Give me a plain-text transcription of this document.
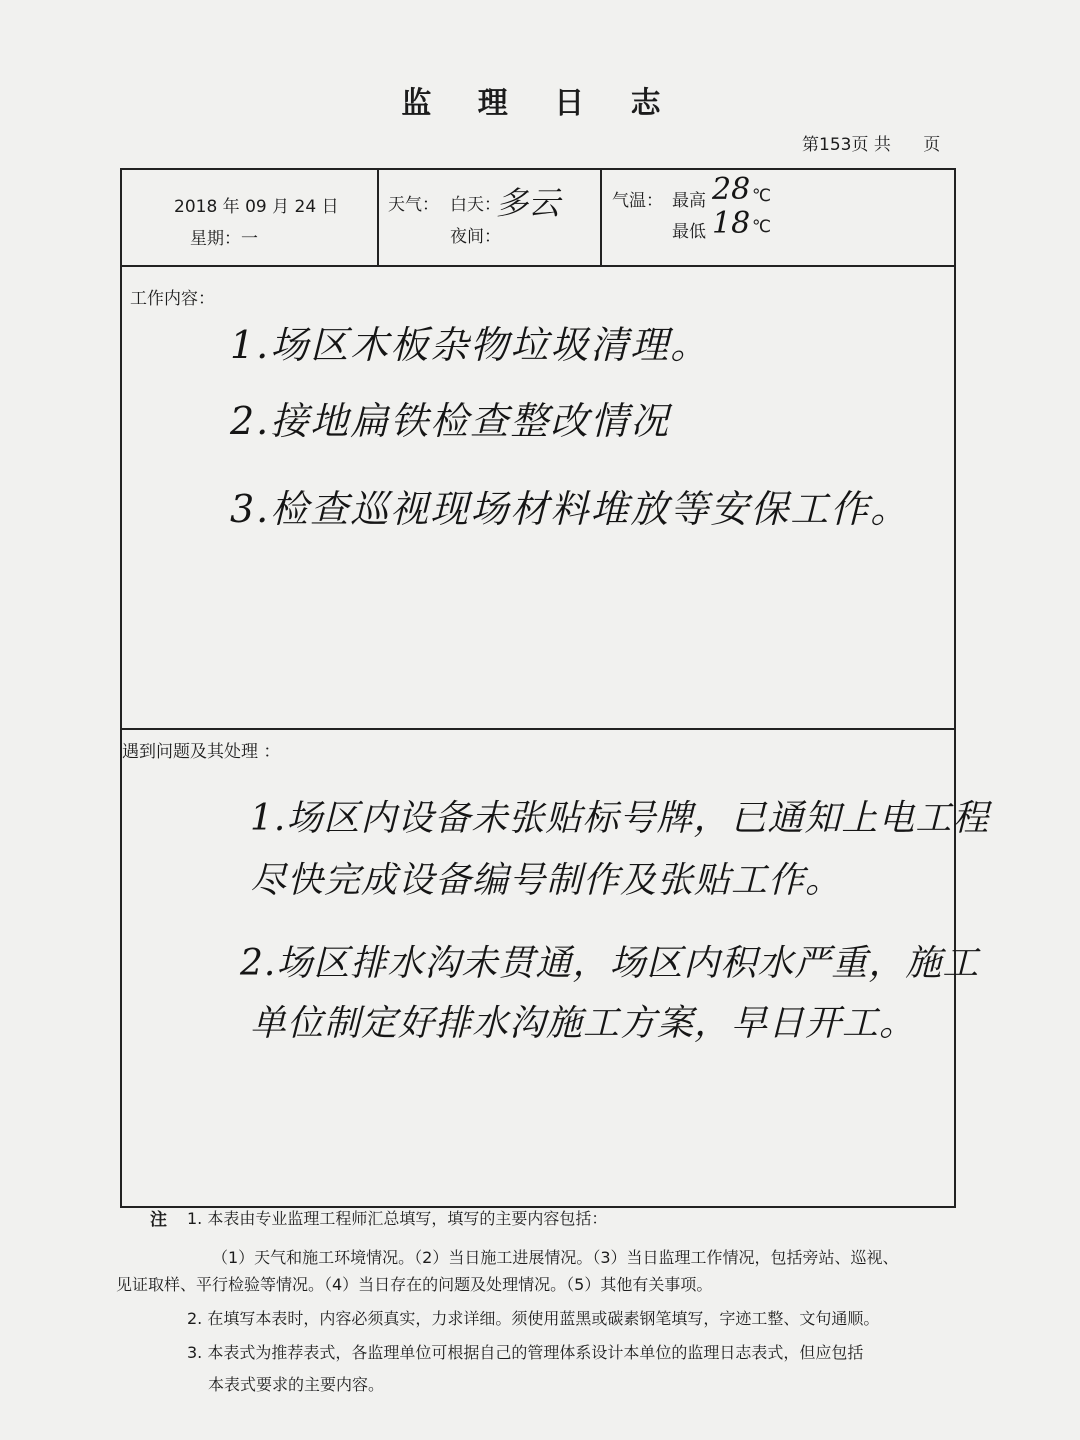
监 理 日 志
第153页 共 页
2018 年 09 月 24 日
星期：一
天气： 白天：
多云
夜间：
气温： 最高 28 ℃
最低 18 ℃
工作内容：
1.场区木板杂物垃圾清理。
2.接地扁铁检查整改情况
3.检查巡视现场材料堆放等安保工作。
遇到问题及其处理 ：
1.场区内设备未张贴标号牌，已通知上电工程
尽快完成设备编号制作及张贴工作。
2.场区排水沟未贯通，场区内积水严重，施工
单位制定好排水沟施工方案，早日开工。
注 1. 本表由专业监理工程师汇总填写，填写的主要内容包括：
（1）天气和施工环境情况。（2）当日施工进展情况。（3）当日监理工作情况，包括旁站、巡视、
见证取样、平行检验等情况。（4）当日存在的问题及处理情况。（5）其他有关事项。
2. 在填写本表时，内容必须真实，力求详细。须使用蓝黑或碳素钢笔填写，字迹工整、文句通顺。
3. 本表式为推荐表式，各监理单位可根据自己的管理体系设计本单位的监理日志表式，但应包括
本表式要求的主要内容。
